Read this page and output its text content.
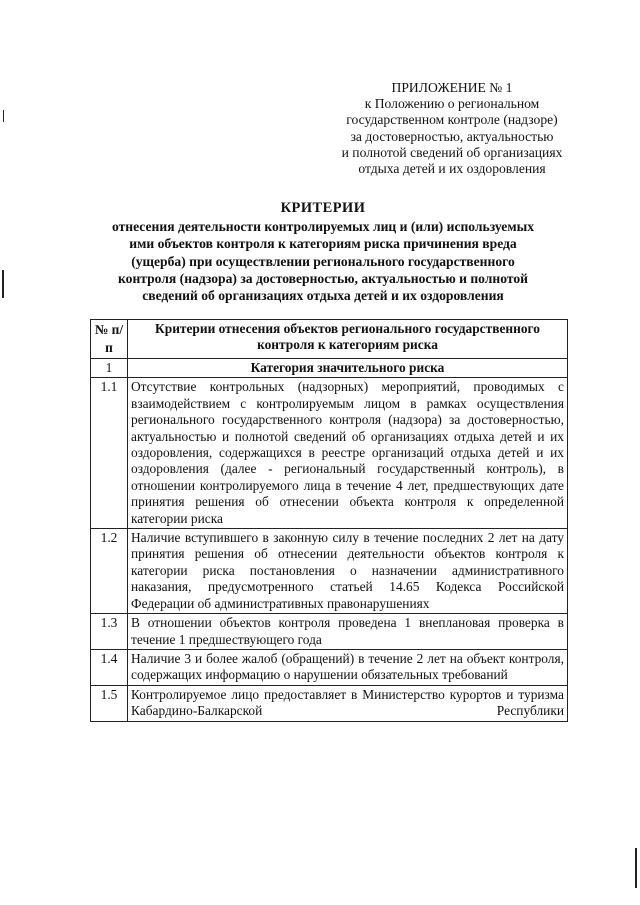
ПРИЛОЖЕНИЕ № 1
к Положению о региональном
государственном контроле (надзоре)
за достоверностью, актуальностью
и полнотой сведений об организациях
отдыха детей и их оздоровления
КРИТЕРИИ
отнесения деятельности контролируемых лиц и (или) используемых
ими объектов контроля к категориям риска причинения вреда
(ущерба) при осуществлении регионального государственного
контроля (надзора) за достоверностью, актуальностью и полнотой
сведений об организациях отдыха детей и их оздоровления
№ п/п	Критерии отнесения объектов регионального государственного контроля к категориям риска
1	Категория значительного риска
1.1	Отсутствие контрольных (надзорных) мероприятий, проводимых с взаимодействием с контролируемым лицом в рамках осуществления регионального государственного контроля (надзора) за достоверностью, актуальностью и полнотой сведений об организациях отдыха детей и их оздоровления, содержащихся в реестре организаций отдыха детей и их оздоровления (далее - региональный государственный контроль), в отношении контролируемого лица в течение 4 лет, предшествующих дате принятия решения об отнесении объекта контроля к определенной категории риска
1.2	Наличие вступившего в законную силу в течение последних 2 лет на дату принятия решения об отнесении деятельности объектов контроля к категории риска постановления о назначении административного наказания, предусмотренного статьей 14.65 Кодекса Российской Федерации об административных правонарушениях
1.3	В отношении объектов контроля проведена 1 внеплановая проверка в течение 1 предшествующего года
1.4	Наличие 3 и более жалоб (обращений) в течение 2 лет на объект контроля, содержащих информацию о нарушении обязательных требований
1.5	Контролируемое лицо предоставляет в Министерство курортов и туризма Кабардино-Балкарской Республики
